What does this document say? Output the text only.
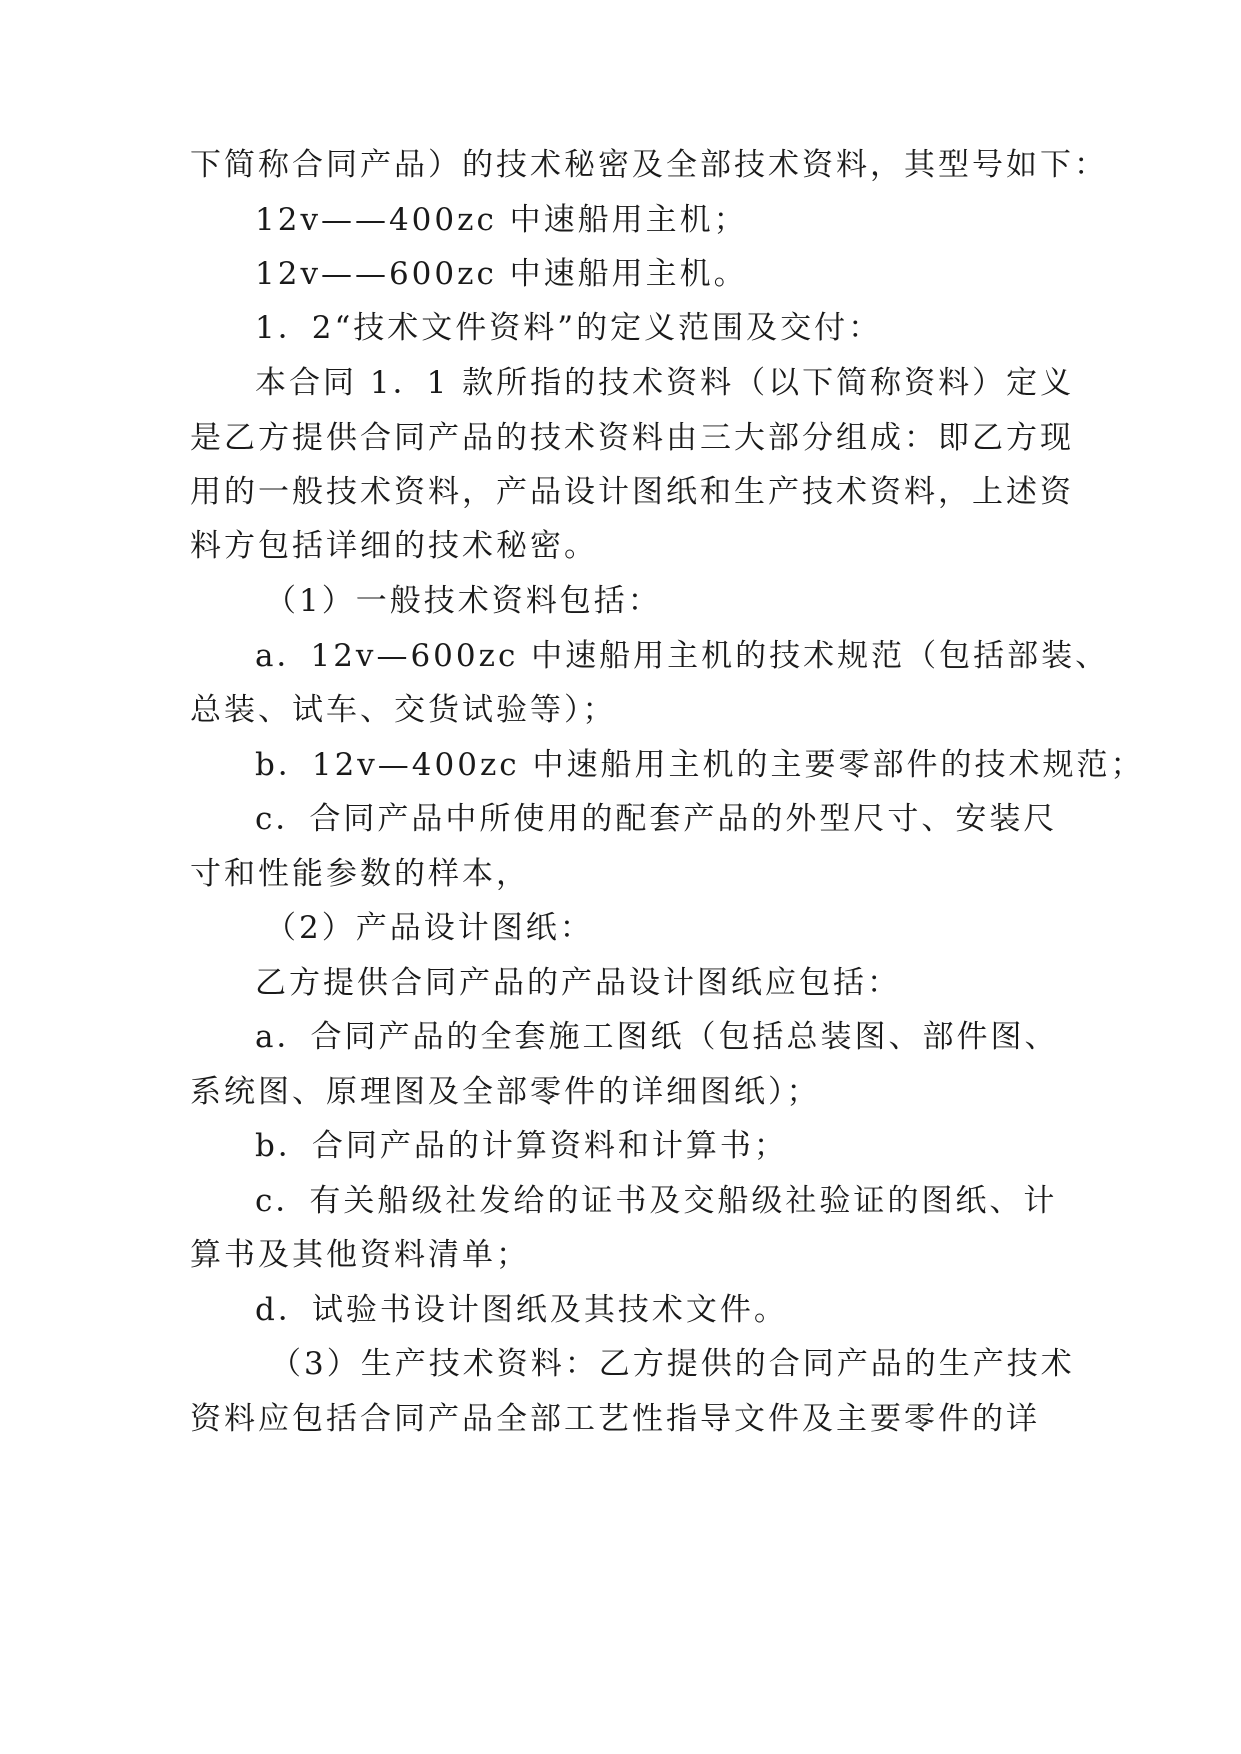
下简称合同产品）的技术秘密及全部技术资料，其型号如下：
12v——400zc 中速船用主机；
12v——600zc 中速船用主机。
1．2“技术文件资料”的定义范围及交付：
本合同 1．1 款所指的技术资料（以下简称资料）定义
是乙方提供合同产品的技术资料由三大部分组成：即乙方现
用的一般技术资料，产品设计图纸和生产技术资料，上述资
料方包括详细的技术秘密。
（1）一般技术资料包括：
a．12v—600zc 中速船用主机的技术规范（包括部装、
总装、试车、交货试验等）；
b．12v—400zc 中速船用主机的主要零部件的技术规范；
c．合同产品中所使用的配套产品的外型尺寸、安装尺
寸和性能参数的样本，
（2）产品设计图纸：
乙方提供合同产品的产品设计图纸应包括：
a．合同产品的全套施工图纸（包括总装图、部件图、
系统图、原理图及全部零件的详细图纸）；
b．合同产品的计算资料和计算书；
c．有关船级社发给的证书及交船级社验证的图纸、计
算书及其他资料清单；
d．试验书设计图纸及其技术文件。
（3）生产技术资料：乙方提供的合同产品的生产技术
资料应包括合同产品全部工艺性指导文件及主要零件的详
